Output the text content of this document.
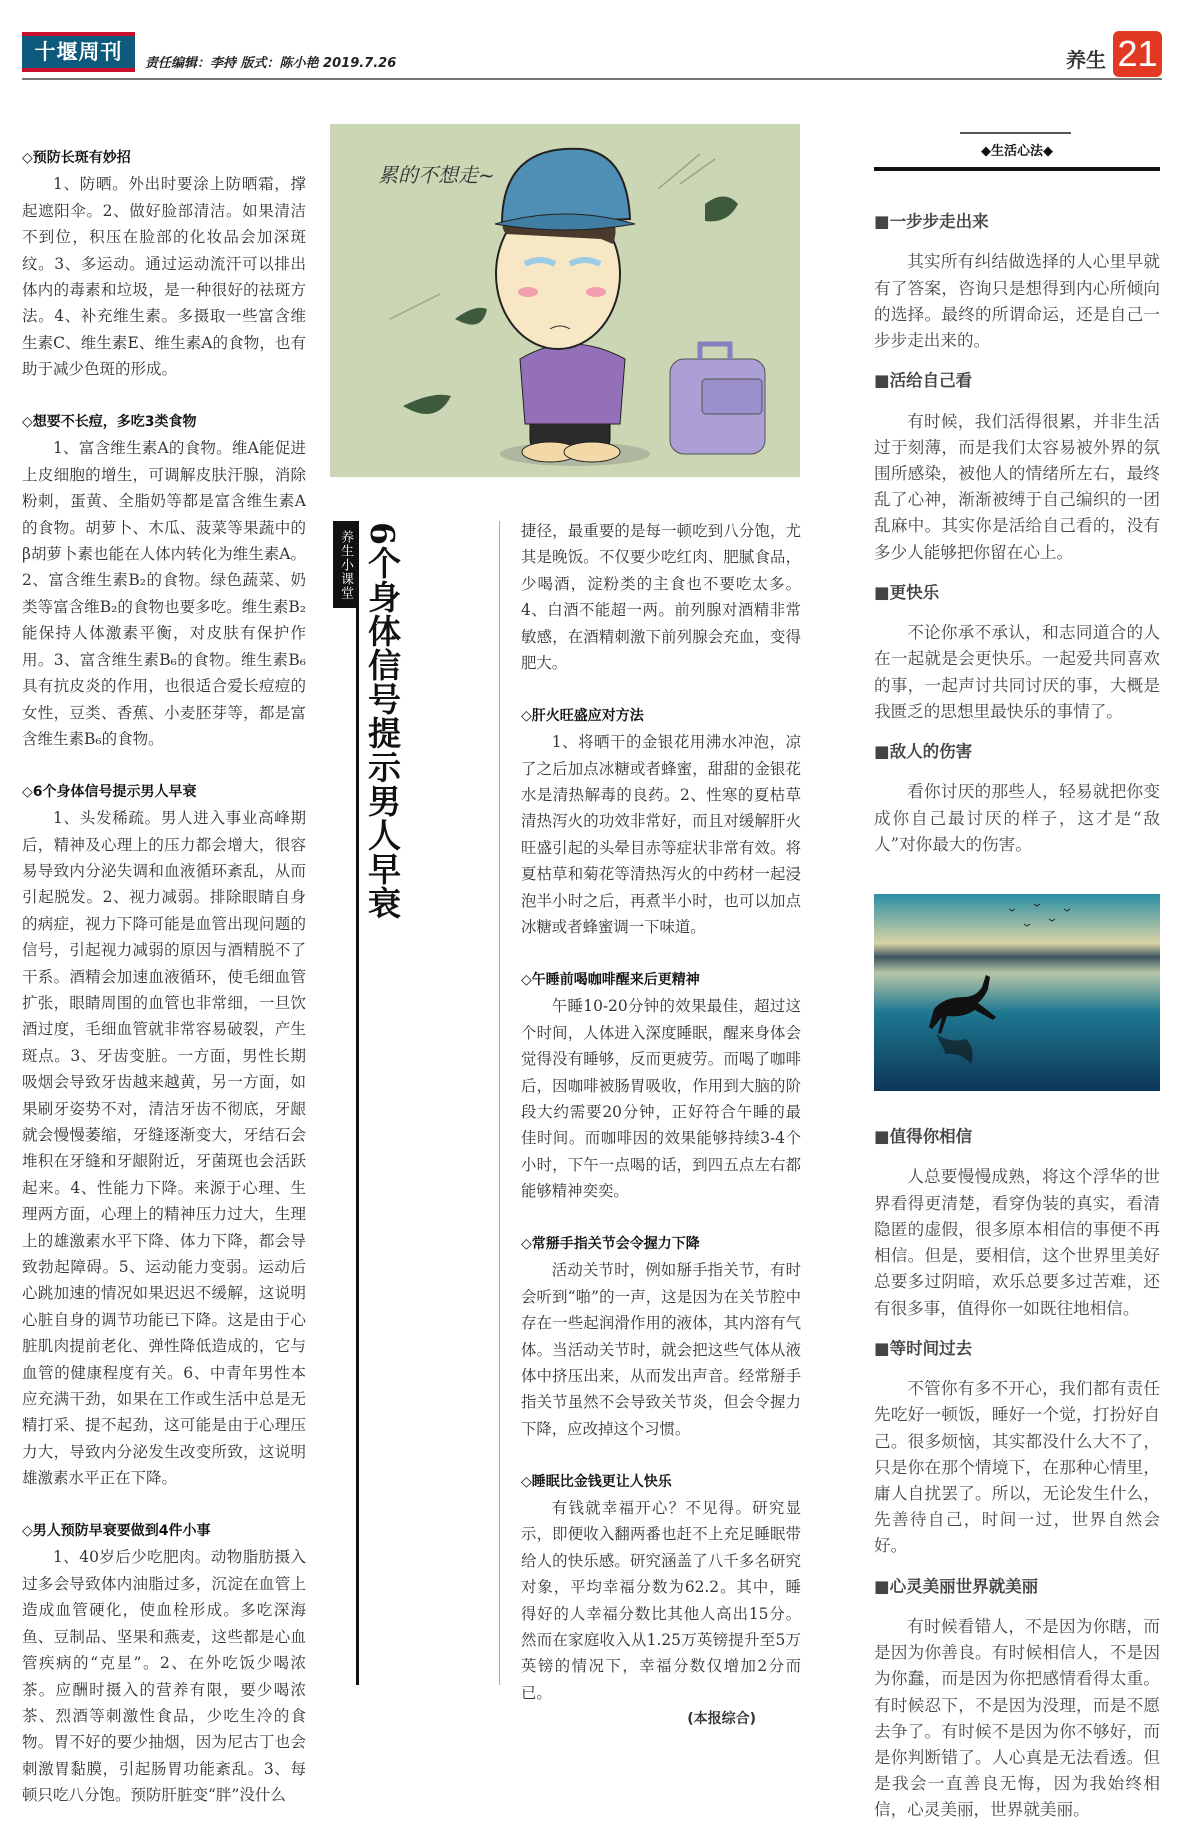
十堰周刊	责任编辑：李持 版式：陈小艳 2019.7.26	养生 21
◇预防长斑有妙招

1、防晒。外出时要涂上防晒霜，撑起遮阳伞。2、做好脸部清洁。如果清洁不到位，积压在脸部的化妆品会加深斑纹。3、多运动。通过运动流汗可以排出体内的毒素和垃圾，是一种很好的祛斑方法。4、补充维生素。多摄取一些富含维生素C、维生素E、维生素A的食物，也有助于减少色斑的形成。

◇想要不长痘，多吃3类食物

1、富含维生素A的食物。维A能促进上皮细胞的增生，可调解皮肤汗腺，消除粉刺，蛋黄、全脂奶等都是富含维生素A的食物。胡萝卜、木瓜、菠菜等果蔬中的β胡萝卜素也能在人体内转化为维生素A。2、富含维生素B₂的食物。绿色蔬菜、奶类等富含维B₂的食物也要多吃。维生素B₂能保持人体激素平衡，对皮肤有保护作用。3、富含维生素B₆的食物。维生素B₆具有抗皮炎的作用，也很适合爱长痘痘的女性，豆类、香蕉、小麦胚芽等，都是富含维生素B₆的食物。

◇6个身体信号提示男人早衰

1、头发稀疏。男人进入事业高峰期后，精神及心理上的压力都会增大，很容易导致内分泌失调和血液循环紊乱，从而引起脱发。2、视力减弱。排除眼睛自身的病症，视力下降可能是血管出现问题的信号，引起视力减弱的原因与酒精脱不了干系。酒精会加速血液循环，使毛细血管扩张，眼睛周围的血管也非常细，一旦饮酒过度，毛细血管就非常容易破裂，产生斑点。3、牙齿变脏。一方面，男性长期吸烟会导致牙齿越来越黄，另一方面，如果刷牙姿势不对，清洁牙齿不彻底，牙龈就会慢慢萎缩，牙缝逐渐变大，牙结石会堆积在牙缝和牙龈附近，牙菌斑也会活跃起来。4、性能力下降。来源于心理、生理两方面，心理上的精神压力过大，生理上的雄激素水平下降、体力下降，都会导致勃起障碍。5、运动能力变弱。运动后心跳加速的情况如果迟迟不缓解，这说明心脏自身的调节功能已下降。这是由于心脏肌肉提前老化、弹性降低造成的，它与血管的健康程度有关。6、中青年男性本应充满干劲，如果在工作或生活中总是无精打采、提不起劲，这可能是由于心理压力大，导致内分泌发生改变所致，这说明雄激素水平正在下降。

◇男人预防早衰要做到4件小事

1、40岁后少吃肥肉。动物脂肪摄入过多会导致体内油脂过多，沉淀在血管上造成血管硬化，使血栓形成。多吃深海鱼、豆制品、坚果和燕麦，这些都是心血管疾病的“克星”。2、在外吃饭少喝浓茶。应酬时摄入的营养有限，要少喝浓茶、烈酒等刺激性食品，少吃生冷的食物。胃不好的要少抽烟，因为尼古丁也会刺激胃黏膜，引起肠胃功能紊乱。3、每顿只吃八分饱。预防肝脏变“胖”没什么

累的不想走~
养生小课堂 6个身体信号提示男人早衰	捷径，最重要的是每一顿吃到八分饱，尤其是晚饭。不仅要少吃红肉、肥腻食品，少喝酒，淀粉类的主食也不要吃太多。4、白酒不能超一两。前列腺对酒精非常敏感，在酒精刺激下前列腺会充血，变得肥大。

◇肝火旺盛应对方法

1、将晒干的金银花用沸水冲泡，凉了之后加点冰糖或者蜂蜜，甜甜的金银花水是清热解毒的良药。2、性寒的夏枯草清热泻火的功效非常好，而且对缓解肝火旺盛引起的头晕目赤等症状非常有效。将夏枯草和菊花等清热泻火的中药材一起浸泡半小时之后，再煮半小时，也可以加点冰糖或者蜂蜜调一下味道。

◇午睡前喝咖啡醒来后更精神

午睡10-20分钟的效果最佳，超过这个时间，人体进入深度睡眠，醒来身体会觉得没有睡够，反而更疲劳。而喝了咖啡后，因咖啡被肠胃吸收，作用到大脑的阶段大约需要20分钟，正好符合午睡的最佳时间。而咖啡因的效果能够持续3-4个小时，下午一点喝的话，到四五点左右都能够精神奕奕。

◇常掰手指关节会令握力下降

活动关节时，例如掰手指关节，有时会听到“啪”的一声，这是因为在关节腔中存在一些起润滑作用的液体，其内溶有气体。当活动关节时，就会把这些气体从液体中挤压出来，从而发出声音。经常掰手指关节虽然不会导致关节炎，但会令握力下降，应改掉这个习惯。

◇睡眠比金钱更让人快乐

有钱就幸福开心？不见得。研究显示，即便收入翻两番也赶不上充足睡眠带给人的快乐感。研究涵盖了八千多名研究对象，平均幸福分数为62.2。其中，睡得好的人幸福分数比其他人高出15分。然而在家庭收入从1.25万英镑提升至5万英镑的情况下，幸福分数仅增加2分而已。

(本报综合)
◆生活心法◆
■一步步走出来

其实所有纠结做选择的人心里早就有了答案，咨询只是想得到内心所倾向的选择。最终的所谓命运，还是自己一步步走出来的。

■活给自己看

有时候，我们活得很累，并非生活过于刻薄，而是我们太容易被外界的氛围所感染，被他人的情绪所左右，最终乱了心神，渐渐被缚于自己编织的一团乱麻中。其实你是活给自己看的，没有多少人能够把你留在心上。

■更快乐

不论你承不承认，和志同道合的人在一起就是会更快乐。一起爱共同喜欢的事，一起声讨共同讨厌的事，大概是我匮乏的思想里最快乐的事情了。

■敌人的伤害

看你讨厌的那些人，轻易就把你变成你自己最讨厌的样子，这才是“敌人”对你最大的伤害。

■值得你相信

人总要慢慢成熟，将这个浮华的世界看得更清楚，看穿伪装的真实，看清隐匿的虚假，很多原本相信的事便不再相信。但是，要相信，这个世界里美好总要多过阴暗，欢乐总要多过苦难，还有很多事，值得你一如既往地相信。

■等时间过去

不管你有多不开心，我们都有责任先吃好一顿饭，睡好一个觉，打扮好自己。很多烦恼，其实都没什么大不了，只是你在那个情境下，在那种心情里，庸人自扰罢了。所以，无论发生什么，先善待自己，时间一过，世界自然会好。

■心灵美丽世界就美丽

有时候看错人，不是因为你瞎，而是因为你善良。有时候相信人，不是因为你蠢，而是因为你把感情看得太重。有时候忍下，不是因为没理，而是不愿去争了。有时候不是因为你不够好，而是你判断错了。人心真是无法看透。但是我会一直善良无悔，因为我始终相信，心灵美丽，世界就美丽。
